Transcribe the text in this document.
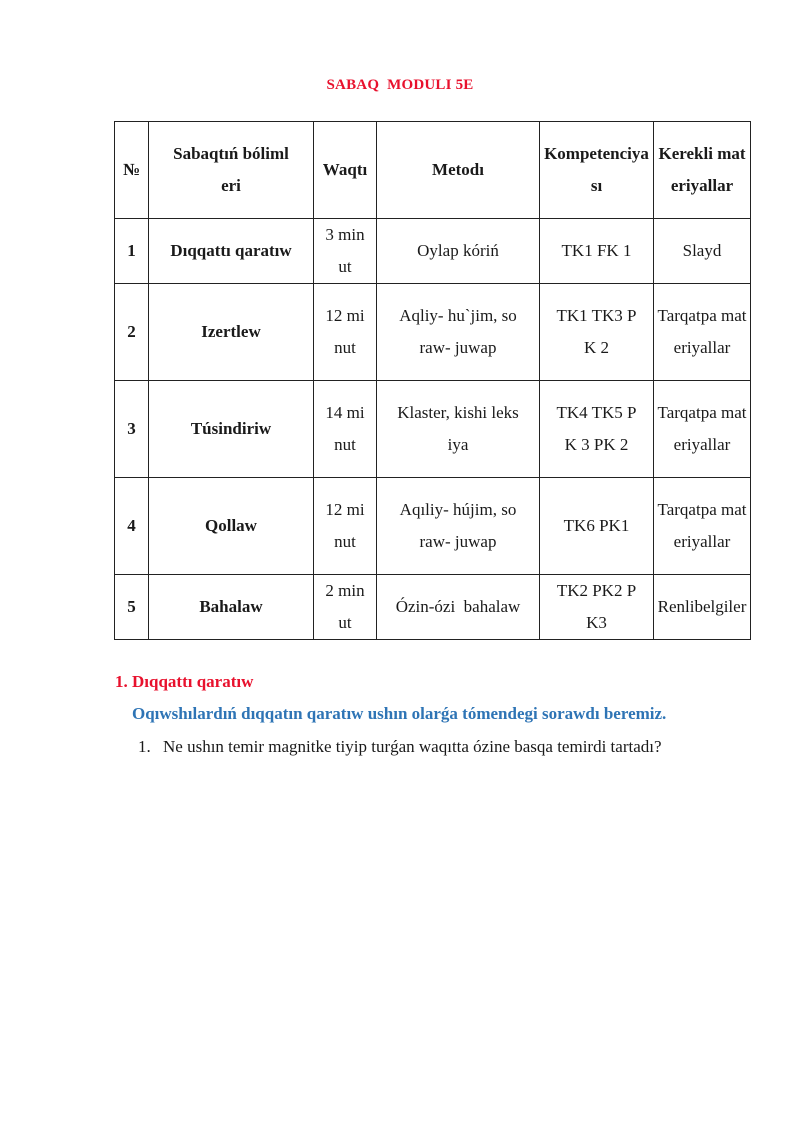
SABAQ  MODULI 5E
№	Sabaqtıń bólimleri	Waqtı	Metodı	Kompetenciyası	Kerekli materiyallar
1	Dıqqattı qaratıw	3 minut	Oylap kóriń	TK1 FK 1	Slayd
2	Izertlew	12 minut	Aqliy- hu`jim, soraw- juwap	TK1 TK3 PK 2	Tarqatpa materiyallar
3	Túsindiriw	14 minut	Klaster, kishi leksiya	TK4 TK5 PK 3 PK 2	Tarqatpa materiyallar
4	Qollaw	12 minut	Aqıliy- hújim, soraw- juwap	TK6 PK1	Tarqatpa materiyallar
5	Bahalaw	2 minut	Ózin-ózi  bahalaw	TK2 PK2 PK3	Renlibelgiler
1. Dıqqattı qaratıw
Oqıwshılardıń dıqqatın qaratıw ushın olarǵa tómendegi sorawdı beremiz.
1. Ne ushın temir magnitke tiyip turǵan waqıtta ózine basqa temirdi tartadı?
